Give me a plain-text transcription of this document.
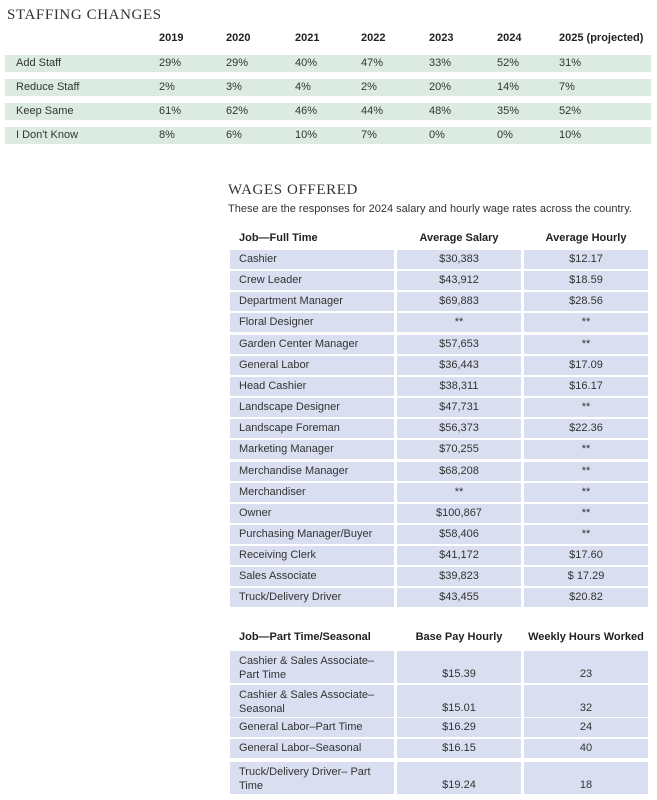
STAFFING CHANGES
2019	2020	2021	2022	2023	2024	2025 (projected)
Add Staff	29%	29%	40%	47%	33%	52%	31%
Reduce Staff	2%	3%	4%	2%	20%	14%	7%
Keep Same	61%	62%	46%	44%	48%	35%	52%
I Don't Know	8%	6%	10%	7%	0%	0%	10%
WAGES OFFERED
These are the responses for 2024 salary and hourly wage rates across the country.
Job—Full Time	Average Salary	Average Hourly
Cashier	$30,383	$12.17
Crew Leader	$43,912	$18.59
Department Manager	$69,883	$28.56
Floral Designer	**	**
Garden Center Manager	$57,653	**
General Labor	$36,443	$17.09
Head Cashier	$38,311	$16.17
Landscape Designer	$47,731	**
Landscape Foreman	$56,373	$22.36
Marketing Manager	$70,255	**
Merchandise Manager	$68,208	**
Merchandiser	**	**
Owner	$100,867	**
Purchasing Manager/Buyer	$58,406	**
Receiving Clerk	$41,172	$17.60
Sales Associate	$39,823	$ 17.29
Truck/Delivery Driver	$43,455	$20.82
Job—Part Time/Seasonal	Base Pay Hourly	Weekly Hours Worked
Cashier & Sales Associate– Part Time	$15.39	23
Cashier & Sales Associate– Seasonal	$15.01	32
General Labor–Part Time	$16.29	24
General Labor–Seasonal	$16.15	40
Truck/Delivery Driver– Part Time	$19.24	18
